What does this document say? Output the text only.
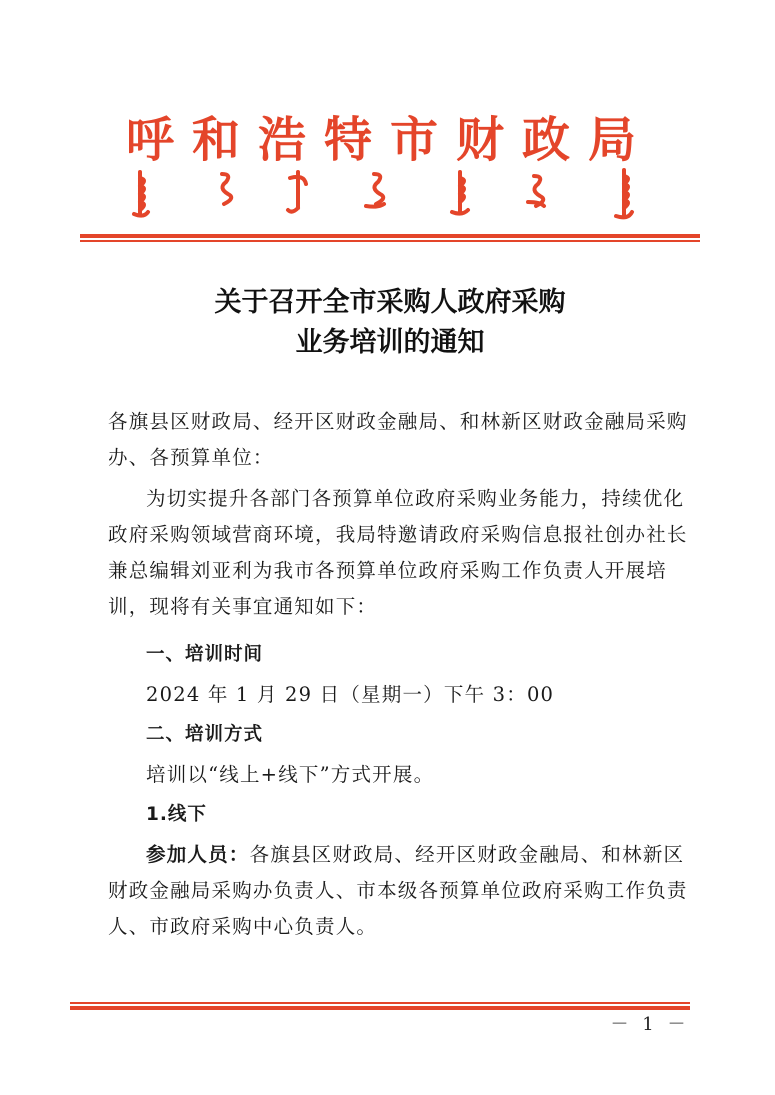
呼和浩特市财政局
关于召开全市采购人政府采购
业务培训的通知
各旗县区财政局、经开区财政金融局、和林新区财政金融局采购
办、各预算单位：
为切实提升各部门各预算单位政府采购业务能力，持续优化
政府采购领域营商环境，我局特邀请政府采购信息报社创办社长
兼总编辑刘亚利为我市各预算单位政府采购工作负责人开展培
训，现将有关事宜通知如下：
一、培训时间
2024 年 1 月 29 日（星期一）下午 3：00
二、培训方式
培训以“线上+线下”方式开展。
1.线下
参加人员：各旗县区财政局、经开区财政金融局、和林新区
财政金融局采购办负责人、市本级各预算单位政府采购工作负责
人、市政府采购中心负责人。
－ 1 －
